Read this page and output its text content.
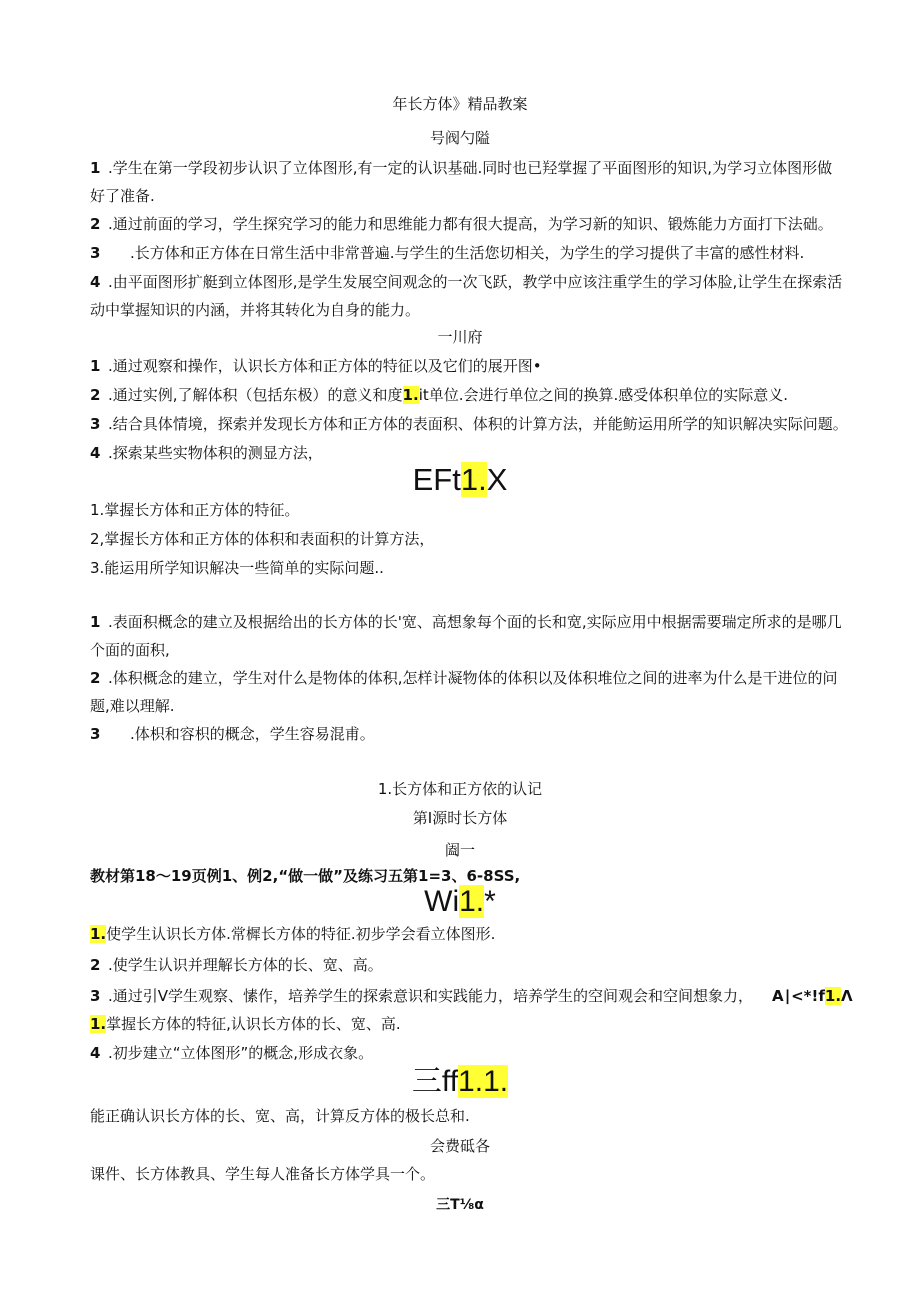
年长方体》精品教案
号阀勺隘
1 .学生在第一学段初步认识了立体图形,有一定的认识基础.同时也已羟掌握了平面图形的知识,为学习立体图形做
好了准备.
2 .通过前面的学习，学生探究学习的能力和思维能力都有很大提高，为学习新的知识、锻炼能力方面打下法础。
3 .长方体和正方体在日常生活中非常普遍.与学生的生活您切相关，为学生的学习提供了丰富的感性材料.
4 .由平面图形扩艇到立体图形,是学生发展空间观念的一次飞跃，教学中应该注重学生的学习体脸,让学生在探索活
动中掌握知识的内涵，并将其转化为自身的能力。
一川府
1 .通过观察和操作，认识长方体和正方体的特征以及它们的展开图•
2 .通过实例,了解体积（包括东极）的意义和度1.it单位.会进行单位之间的换算.感受体积单位的实际意义.
3 .结合具体情境，探索并发现长方体和正方体的表面积、体积的计算方法，并能鲂运用所学的知识解决实际问题。
4 .探索某些实物体积的测显方法，
EFt1.X
1.掌握长方体和正方体的特征。
2,掌握长方体和正方体的体积和表面积的计算方法，
3.能运用所学知识解决一些简单的实际问题..
1 .表面积概念的建立及根据给出的长方体的长'宽、高想象每个面的长和宽,实际应用中根据需要瑞定所求的是哪几
个面的面积,
2 .体积概念的建立，学生对什么是物体的体积,怎样计凝物体的体积以及体积堆位之间的进率为什么是干进位的问
题,难以理解.
3 .体枳和容枳的概念，学生容易混甫。
1.长方体和正方依的认记
第I源时长方体
阖一
教材第18〜19页例1、例2,“做一做”及练习五第1=3、6-8SS,
Wi1.*
1.使学生认识长方体.常樨长方体的特征.初步学会看立体图形.
2 .使学生认识并理解长方体的长、宽、高。
3 .通过引V学生观察、愫作，培养学生的探索意识和实践能力，培养学生的空间观会和空间想象力， A∣<*!f1.Λ
1.掌握长方体的特征,认识长方体的长、宽、高.
4 .初步建立“立体图形”的概念,形成衣象。
三ff1.1.
能正确认识长方体的长、宽、高，计算反方体的极长总和.
会费砥各
课件、长方体教具、学生每人准备长方体学具一个。
三T⅛α
